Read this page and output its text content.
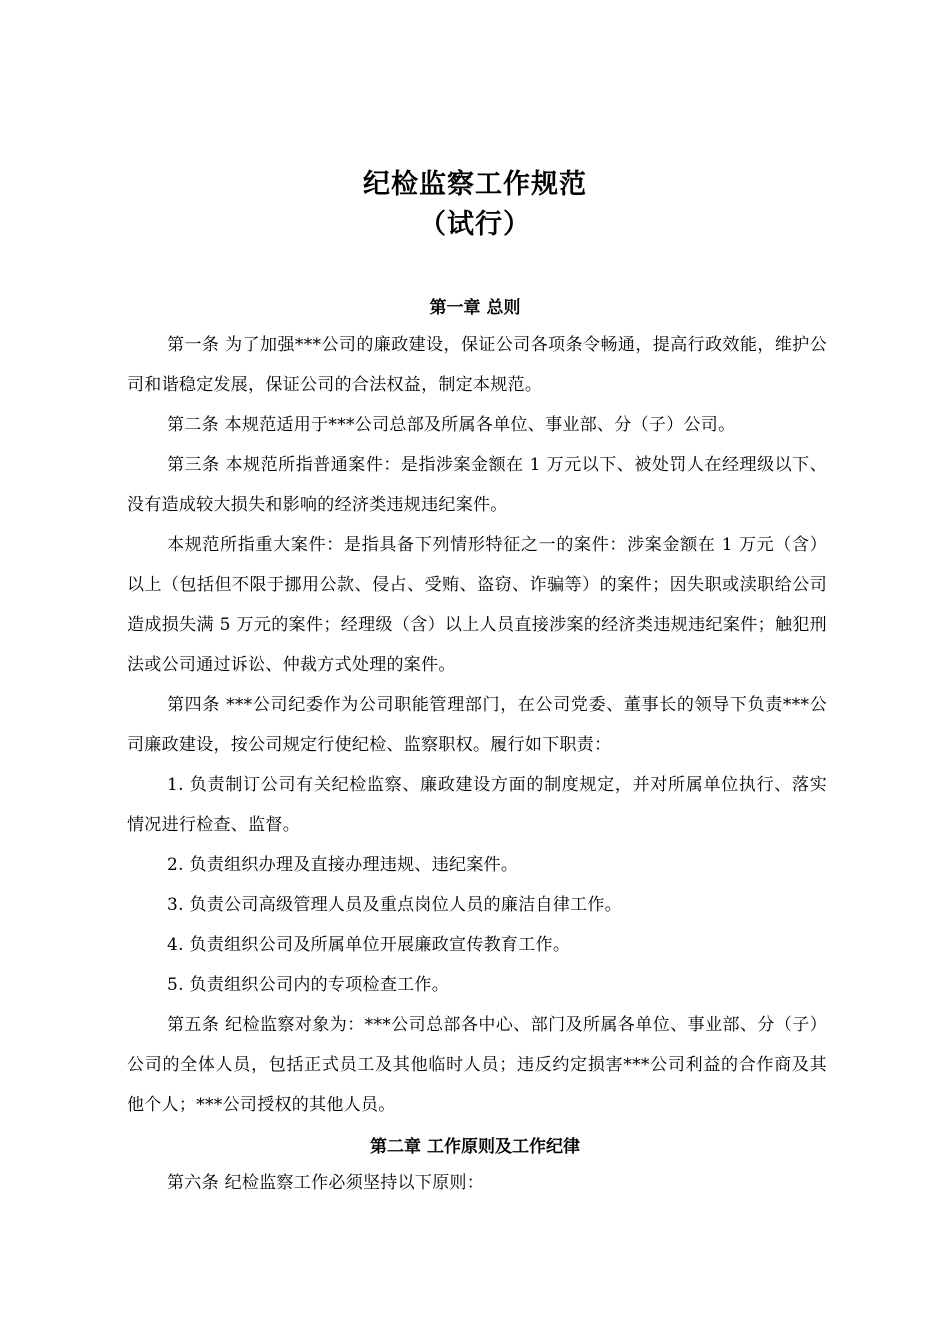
纪检监察工作规范
（试行）
第一章 总则
第一条 为了加强***公司的廉政建设，保证公司各项条令畅通，提高行政效能，维护公司和谐稳定发展，保证公司的合法权益，制定本规范。
第二条 本规范适用于***公司总部及所属各单位、事业部、分（子）公司。
第三条 本规范所指普通案件：是指涉案金额在 1 万元以下、被处罚人在经理级以下、没有造成较大损失和影响的经济类违规违纪案件。
本规范所指重大案件：是指具备下列情形特征之一的案件：涉案金额在 1 万元（含）以上（包括但不限于挪用公款、侵占、受贿、盗窃、诈骗等）的案件；因失职或渎职给公司造成损失满 5 万元的案件；经理级（含）以上人员直接涉案的经济类违规违纪案件；触犯刑法或公司通过诉讼、仲裁方式处理的案件。
第四条 ***公司纪委作为公司职能管理部门，在公司党委、董事长的领导下负责***公司廉政建设，按公司规定行使纪检、监察职权。履行如下职责：
1. 负责制订公司有关纪检监察、廉政建设方面的制度规定，并对所属单位执行、落实情况进行检查、监督。
2. 负责组织办理及直接办理违规、违纪案件。
3. 负责公司高级管理人员及重点岗位人员的廉洁自律工作。
4. 负责组织公司及所属单位开展廉政宣传教育工作。
5. 负责组织公司内的专项检查工作。
第五条 纪检监察对象为：***公司总部各中心、部门及所属各单位、事业部、分（子）公司的全体人员，包括正式员工及其他临时人员；违反约定损害***公司利益的合作商及其他个人；***公司授权的其他人员。
第二章 工作原则及工作纪律
第六条 纪检监察工作必须坚持以下原则：
